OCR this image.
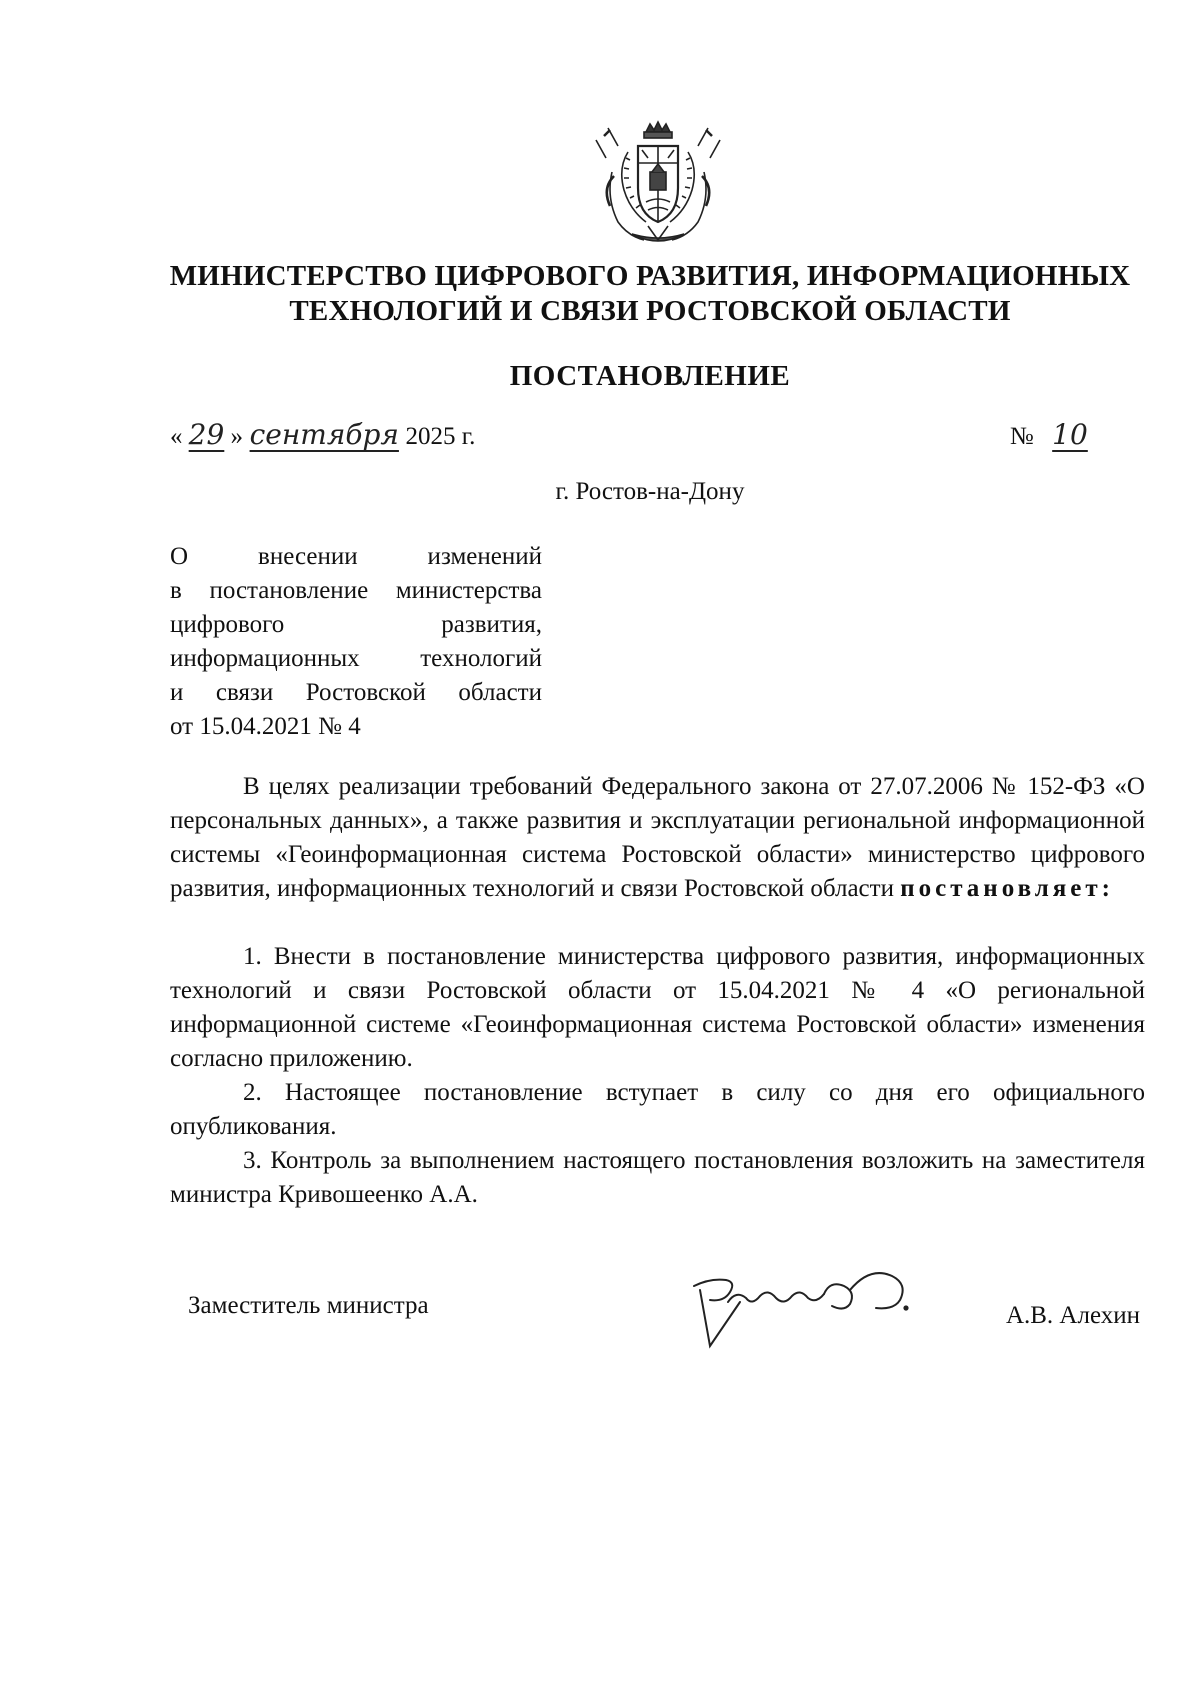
МИНИСТЕРСТВО ЦИФРОВОГО РАЗВИТИЯ, ИНФОРМАЦИОННЫХ
ТЕХНОЛОГИЙ И СВЯЗИ РОСТОВСКОЙ ОБЛАСТИ
ПОСТАНОВЛЕНИЕ
« 29 » сентября 2025 г.	№ 10
г. Ростов-на-Дону
О внесении изменений
в постановление министерства
цифрового развития,
информационных технологий
и связи Ростовской области
от 15.04.2021 № 4

В целях реализации требований Федерального закона от 27.07.2006 № 152-ФЗ «О персональных данных», а также развития и эксплуатации региональной информационной системы «Геоинформационная система Ростовской области» министерство цифрового развития, информационных технологий и связи Ростовской области постановляет:

1. Внести в постановление министерства цифрового развития, информационных технологий и связи Ростовской области от 15.04.2021 № 4 «О региональной информационной системе «Геоинформационная система Ростовской области» изменения согласно приложению.

2. Настоящее постановление вступает в силу со дня его официального опубликования.

3. Контроль за выполнением настоящего постановления возложить на заместителя министра Кривошеенко А.А.

Заместитель министра	А.В. Алехин
